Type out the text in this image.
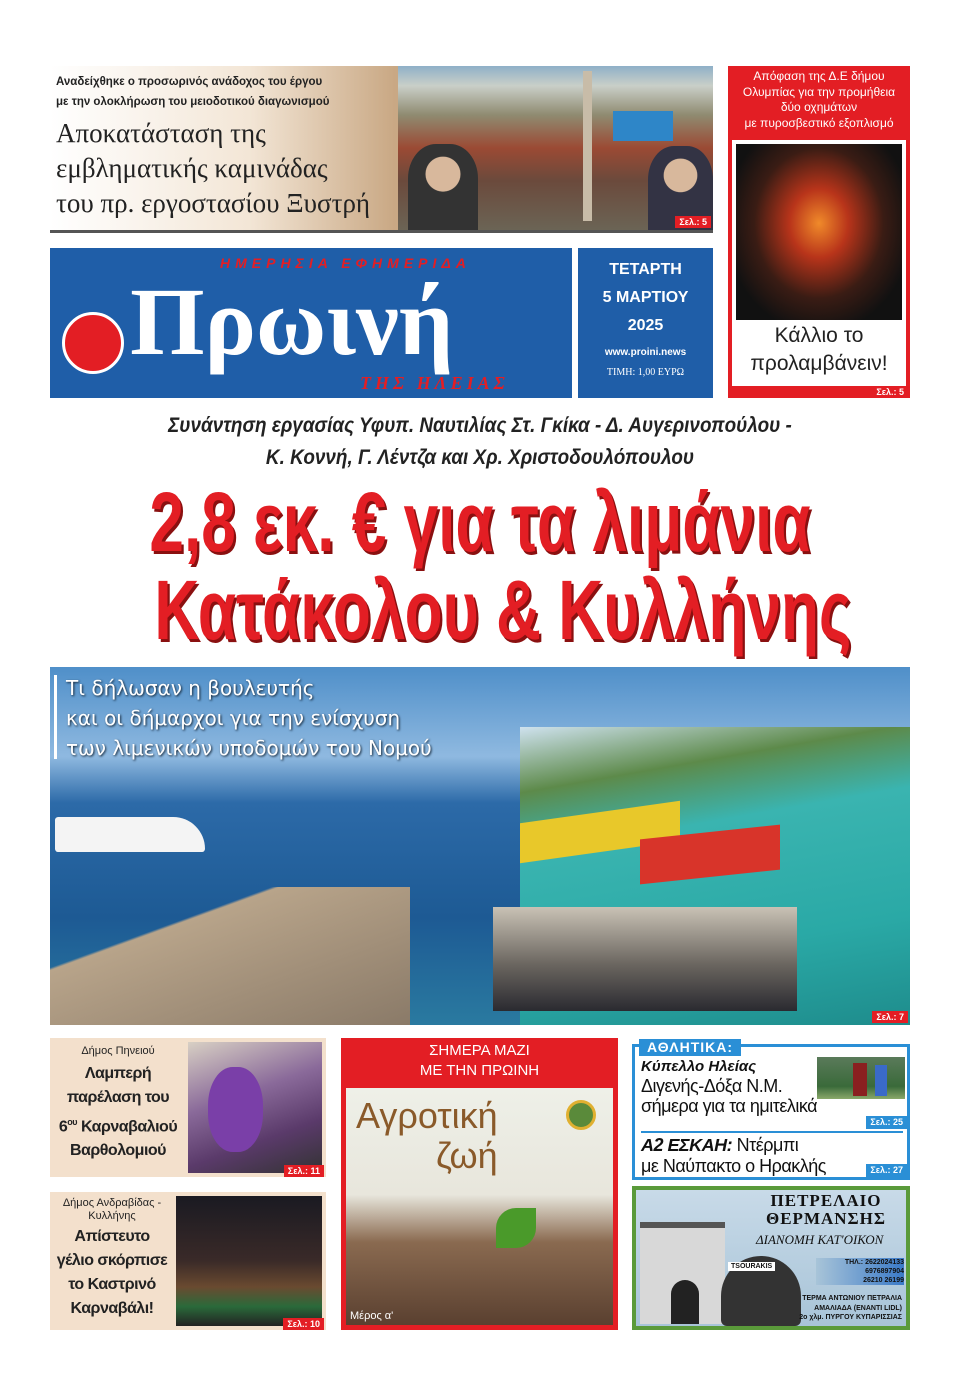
Αναδείχθηκε ο προσωρινός ανάδοχος του έργου
με την ολοκλήρωση του μειοδοτικού διαγωνισμού
Αποκατάσταση της
εμβληματικής καμινάδας
του πρ. εργοστασίου Ξυστρή
Σελ.: 5
Απόφαση της Δ.Ε δήμου
Ολυμπίας για την προμήθεια
δύο οχημάτων
με πυροσβεστικό εξοπλισμό
Κάλλιο το
προλαμβάνειν!
Σελ.: 5
ΗΜΕΡΗΣΙΑ ΕΦΗΜΕΡΙΔΑ
Πρωινή
ΤΗΣ ΗΛΕΙΑΣ
ΤΕΤΑΡΤΗ
5 ΜΑΡΤΙΟΥ
2025
www.proini.news
ΤΙΜΗ: 1,00 ΕΥΡΩ
Συνάντηση εργασίας Υφυπ. Ναυτιλίας Στ. Γκίκα - Δ. Αυγερινοπούλου -
Κ. Κοννή, Γ. Λέντζα και Χρ. Χριστοδουλόπουλου
2,8 εκ. € για τα λιμάνια
Κατάκολου & Κυλλήνης
Τι δήλωσαν η βουλευτής
και οι δήμαρχοι για την ενίσχυση
των λιμενικών υποδομών του Νομού
Σελ.: 7
Δήμος Πηνειού
Λαμπερή
παρέλαση του
$6^{o\upsilon}$ Καρναβαλιού
Βαρθολομιού
Σελ.: 11
Δήμος Ανδραβίδας -
Κυλλήνης
Απίστευτο
γέλιο σκόρπισε
το Καστρινό
Καρναβάλι!
Σελ.: 10
ΣΗΜΕΡΑ ΜΑΖΙ
ΜΕ ΤΗΝ ΠΡΩΙΝΗ
Αγροτική
ζωή
Μέρος α'
ΑΘΛΗΤΙΚΑ:
Κύπελλο Ηλείας
Διγενής-Δόξα Ν.Μ.
σήμερα για τα ημιτελικά
Σελ.: 25
Α2 ΕΣΚΑΗ: Ντέρμπι
με Ναύπακτο ο Ηρακλής	Σελ.: 27
TSOURAKIS
ΠΕΤΡΕΛΑΙΟ
ΘΕΡΜΑΝΣΗΣ
ΔΙΑΝΟΜΗ ΚΑΤ'ΟΙΚΟΝ
ΤΗΛ.: 2622024133
6976897904
26210 26199
ΤΕΡΜΑ ΑΝΤΩΝΙΟΥ ΠΕΤΡΑΛΙΑ
ΑΜΑΛΙΑΔΑ (ΕΝΑΝΤΙ LIDL)
2ο χλμ. ΠΥΡΓΟΥ ΚΥΠΑΡΙΣΣΙΑΣ
